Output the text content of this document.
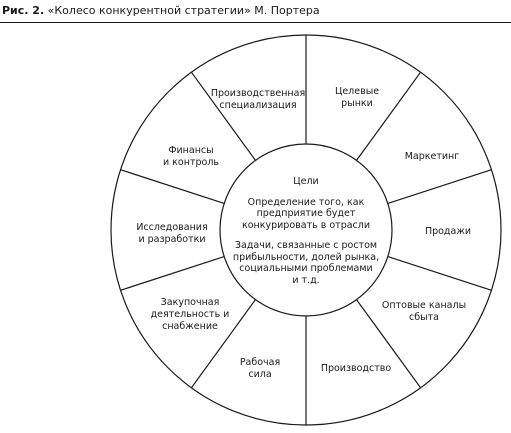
Рис. 2. «Колесо конкурентной стратегии» М. Портера
Целевые
рынки
Маркетинг
Продажи
Оптовые каналы
сбыта
Производство
Рабочая
сила
Закупочная
деятельность и
снабжение
Исследования
и разработки
Финансы
и контроль
Производственная
специализация
Цели
Определение того, как
предприятие будет
конкурировать в отрасли
Задачи, связанные с ростом
прибыльности, долей рынка,
социальными проблемами
и т.д.
